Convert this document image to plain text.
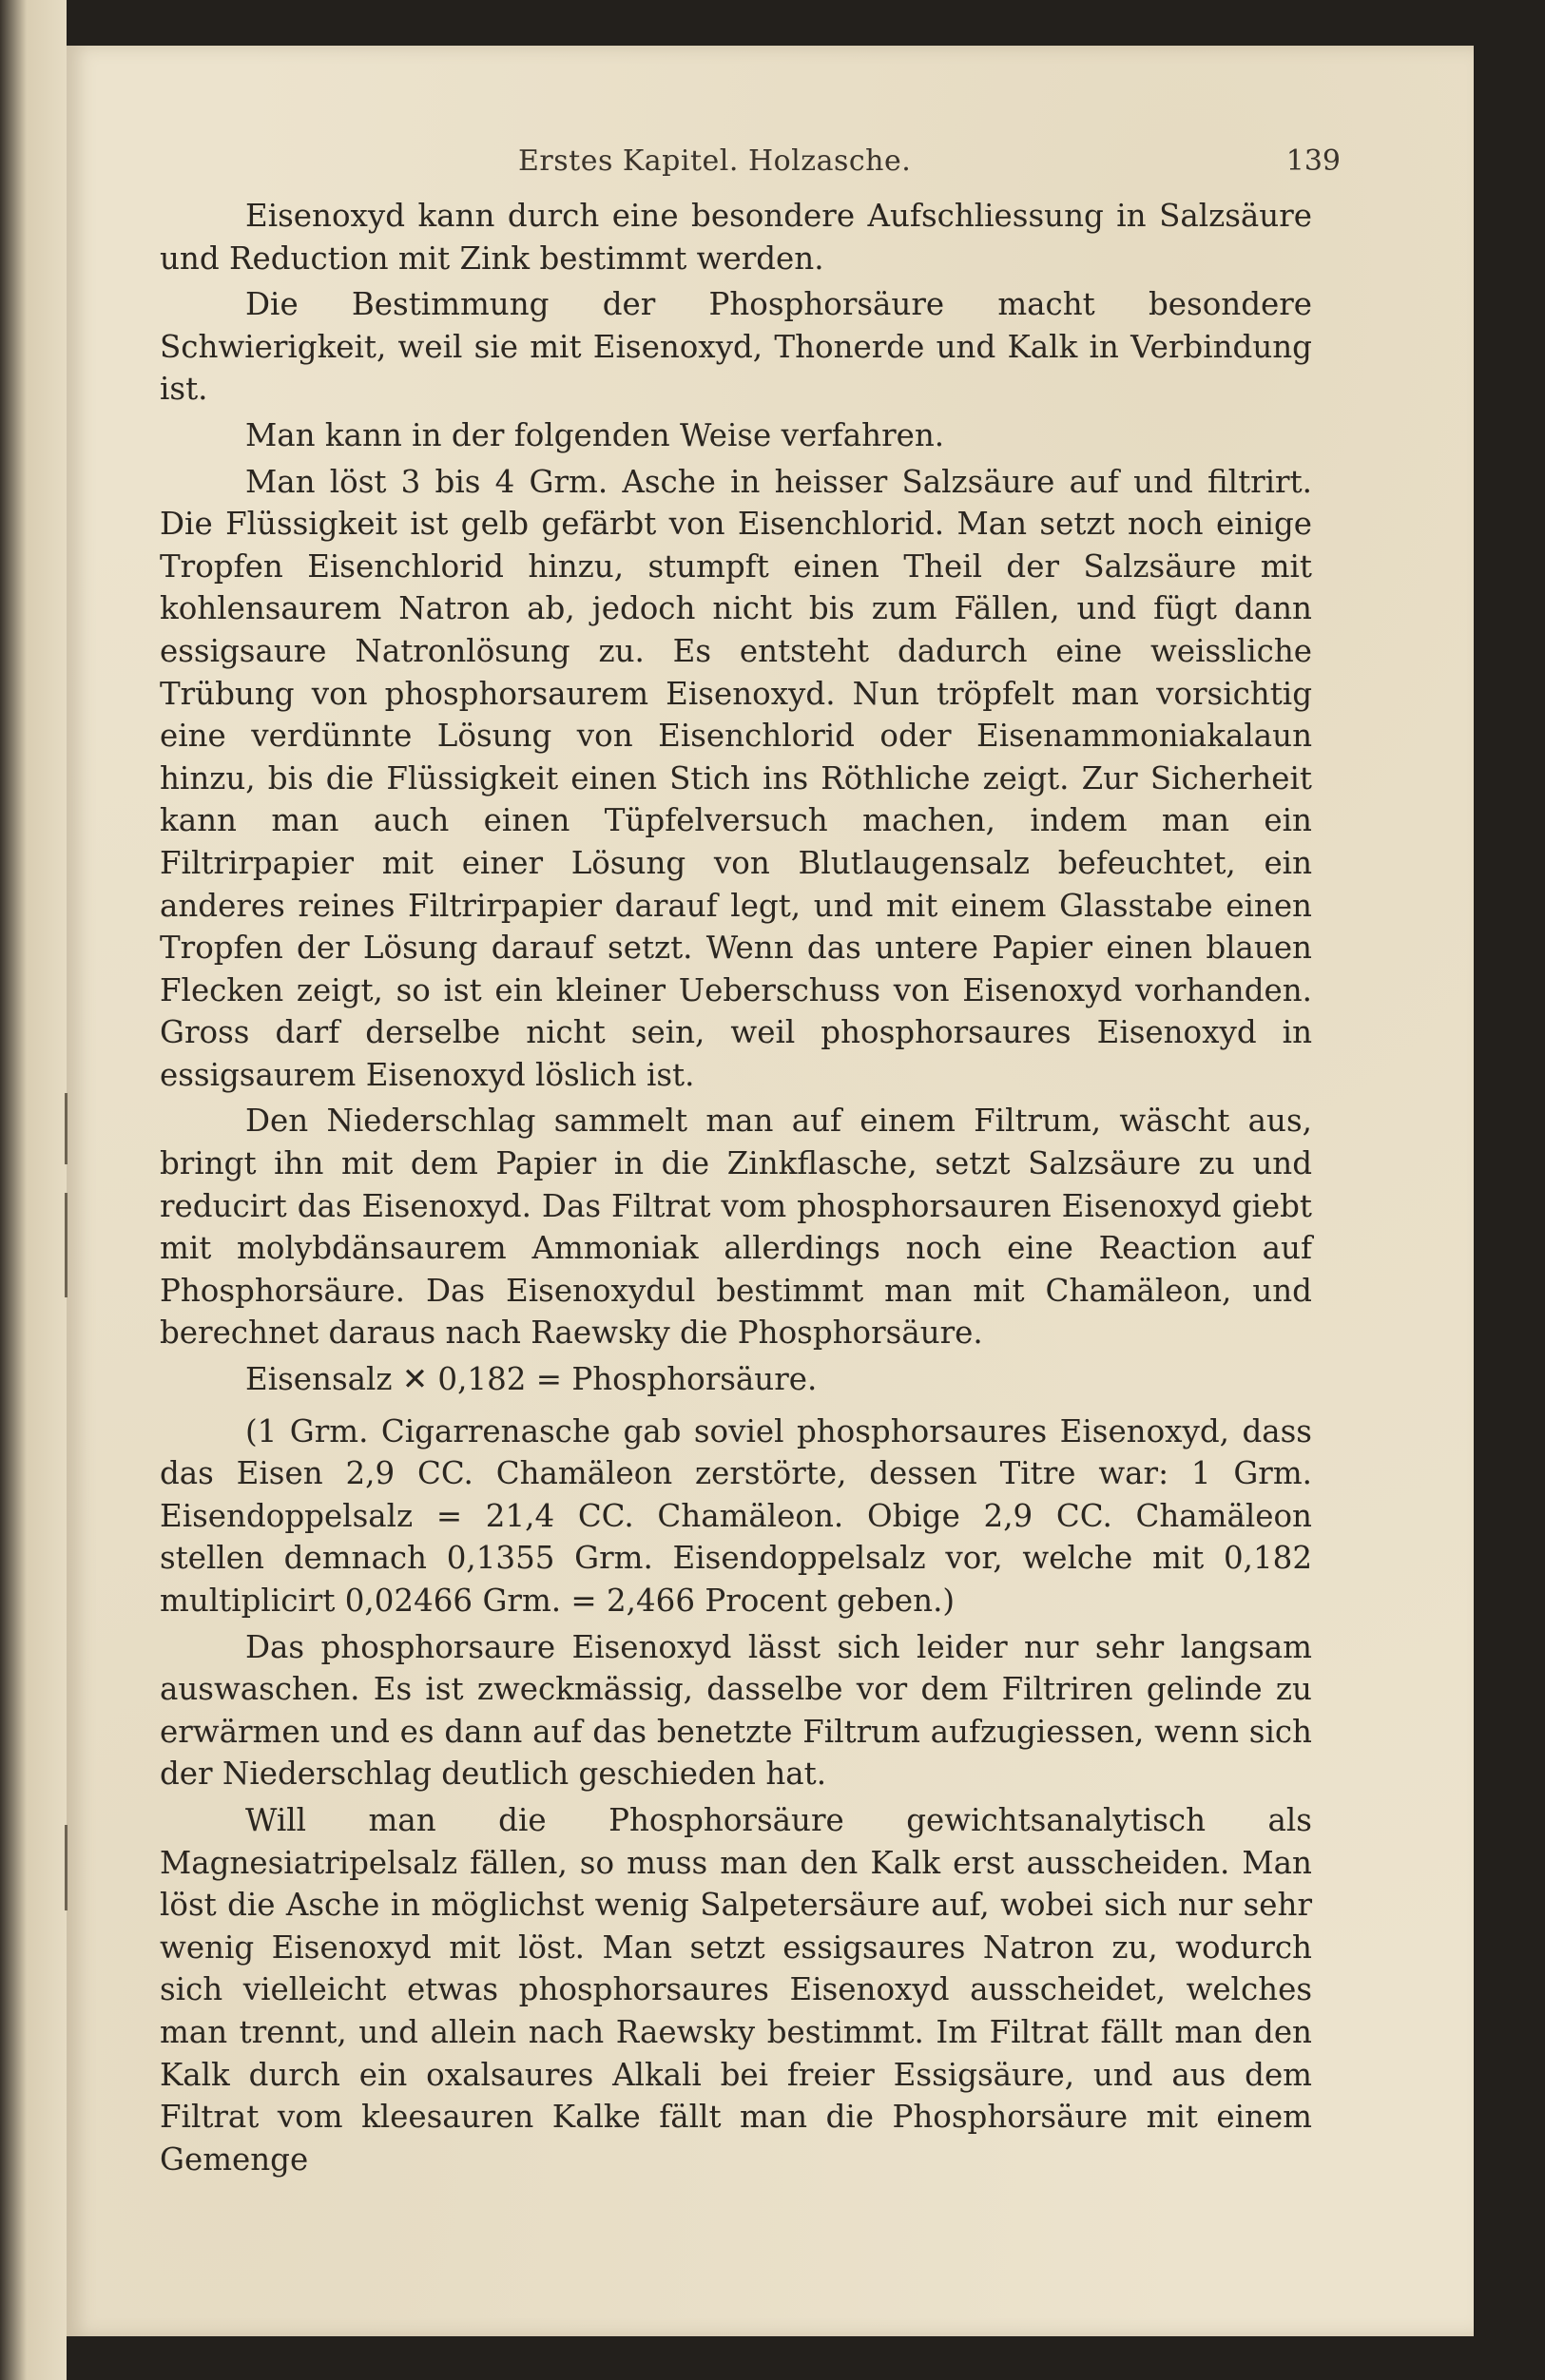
Erstes Kapitel. Holzasche.	139

Eisenoxyd kann durch eine besondere Aufschliessung in Salzsäure und Reduction mit Zink bestimmt werden.

Die Bestimmung der Phosphorsäure macht besondere Schwierigkeit, weil sie mit Eisenoxyd, Thonerde und Kalk in Verbindung ist.

Man kann in der folgenden Weise verfahren.

Man löst 3 bis 4 Grm. Asche in heisser Salzsäure auf und filtrirt. Die Flüssigkeit ist gelb gefärbt von Eisenchlorid. Man setzt noch einige Tropfen Eisenchlorid hinzu, stumpft einen Theil der Salzsäure mit kohlensaurem Natron ab, jedoch nicht bis zum Fällen, und fügt dann essigsaure Natronlösung zu. Es entsteht dadurch eine weissliche Trübung von phosphorsaurem Eisenoxyd. Nun tröpfelt man vorsichtig eine verdünnte Lösung von Eisenchlorid oder Eisenammoniakalaun hinzu, bis die Flüssigkeit einen Stich ins Röthliche zeigt. Zur Sicherheit kann man auch einen Tüpfelversuch machen, indem man ein Filtrirpapier mit einer Lösung von Blutlaugensalz befeuchtet, ein anderes reines Filtrirpapier darauf legt, und mit einem Glasstabe einen Tropfen der Lösung darauf setzt. Wenn das untere Papier einen blauen Flecken zeigt, so ist ein kleiner Ueberschuss von Eisenoxyd vorhanden. Gross darf derselbe nicht sein, weil phosphorsaures Eisenoxyd in essigsaurem Eisenoxyd löslich ist.

Den Niederschlag sammelt man auf einem Filtrum, wäscht aus, bringt ihn mit dem Papier in die Zinkflasche, setzt Salzsäure zu und reducirt das Eisenoxyd. Das Filtrat vom phosphorsauren Eisenoxyd giebt mit molybdänsaurem Ammoniak allerdings noch eine Reaction auf Phosphorsäure. Das Eisenoxydul bestimmt man mit Chamäleon, und berechnet daraus nach Raewsky die Phosphorsäure.

Eisensalz ✕ 0,182 = Phosphorsäure.

(1 Grm. Cigarrenasche gab soviel phosphorsaures Eisenoxyd, dass das Eisen 2,9 CC. Chamäleon zerstörte, dessen Titre war: 1 Grm. Eisendoppelsalz = 21,4 CC. Chamäleon. Obige 2,9 CC. Chamäleon stellen demnach 0,1355 Grm. Eisendoppelsalz vor, welche mit 0,182 multiplicirt 0,02466 Grm. = 2,466 Procent geben.)

Das phosphorsaure Eisenoxyd lässt sich leider nur sehr langsam auswaschen. Es ist zweckmässig, dasselbe vor dem Filtriren gelinde zu erwärmen und es dann auf das benetzte Filtrum aufzugiessen, wenn sich der Niederschlag deutlich geschieden hat.

Will man die Phosphorsäure gewichtsanalytisch als Magnesiatripelsalz fällen, so muss man den Kalk erst ausscheiden. Man löst die Asche in möglichst wenig Salpetersäure auf, wobei sich nur sehr wenig Eisenoxyd mit löst. Man setzt essigsaures Natron zu, wodurch sich vielleicht etwas phosphorsaures Eisenoxyd ausscheidet, welches man trennt, und allein nach Raewsky bestimmt. Im Filtrat fällt man den Kalk durch ein oxalsaures Alkali bei freier Essigsäure, und aus dem Filtrat vom kleesauren Kalke fällt man die Phosphorsäure mit einem Gemenge
